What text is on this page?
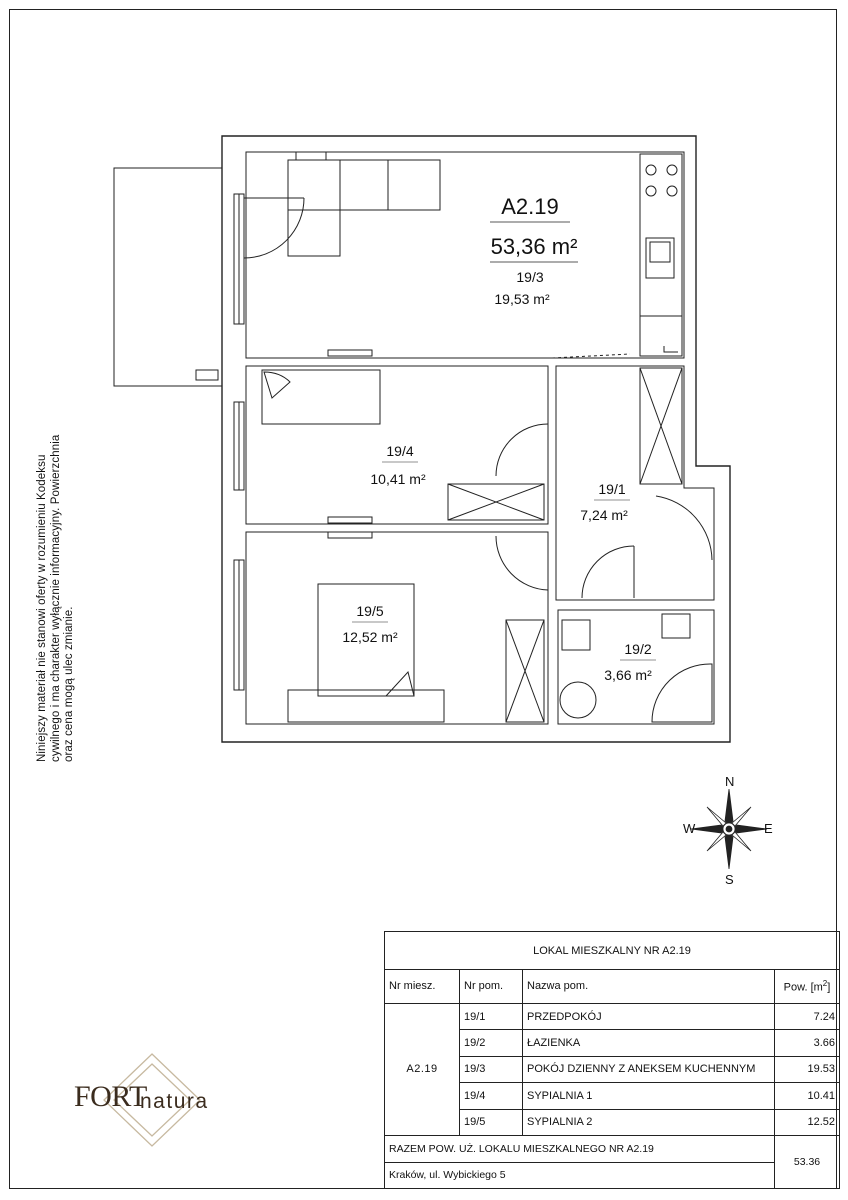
A2.19
53,36 m²
19/3
19,53 m²
19/4
10,41 m²
19/1
7,24 m²
19/5
12,52 m²
19/2
3,66 m²
Niniejszy materiał nie stanowi oferty w rozumieniu Kodeksu cywilnego i ma charakter wyłącznie informacyjny. Powierzchnia oraz cena mogą ulec zmianie.
N
S
E
W
FORT
natura
LOKAL MIESZKALNY NR A2.19			
Nr miesz.	Nr pom.	Nazwa pom.	Pow. $[m^2]$
A2.19	19/1	PRZEDPOKÓJ	7.24
	19/2	ŁAZIENKA	3.66
	19/3	POKÓJ DZIENNY Z ANEKSEM KUCHENNYM	19.53
	19/4	SYPIALNIA 1	10.41
	19/5	SYPIALNIA 2	12.52
RAZEM POW. UŻ. LOKALU MIESZKALNEGO NR A2.19			53.36
Kraków, ul. Wybickiego 5			
